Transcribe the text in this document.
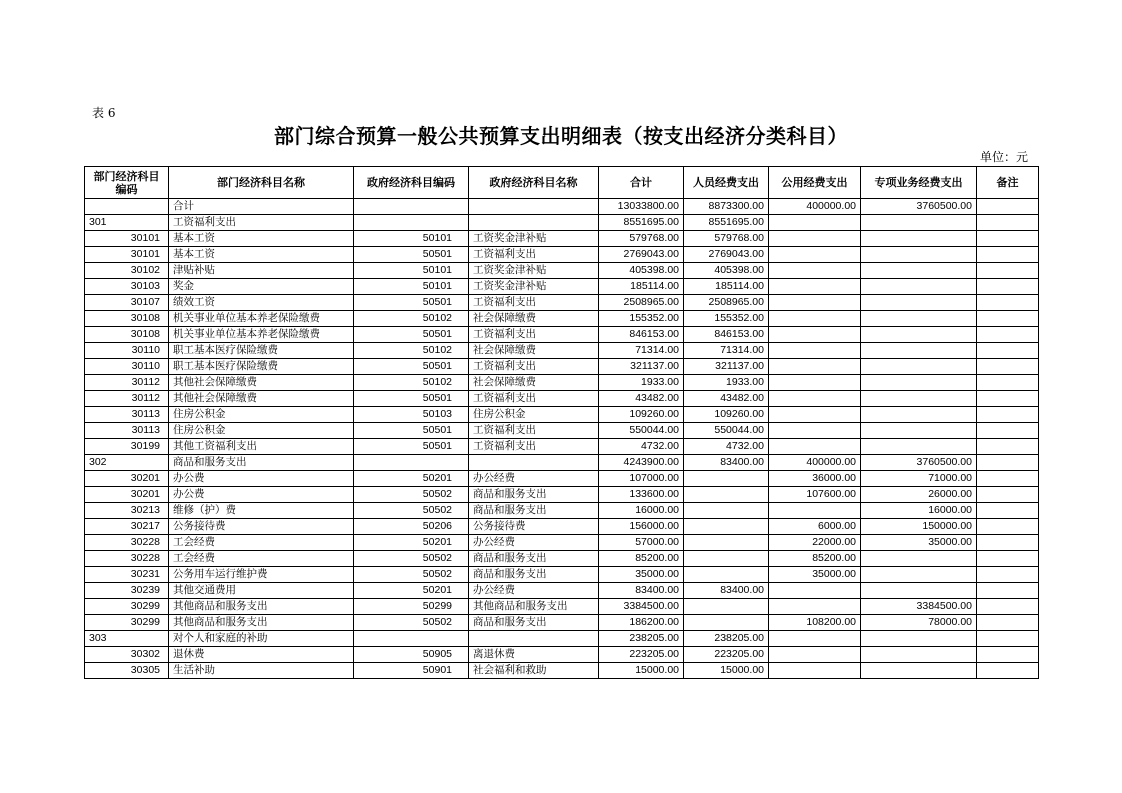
表 6
部门综合预算一般公共预算支出明细表（按支出经济分类科目）
单位：元
部门经济科目编码	部门经济科目名称	政府经济科目编码	政府经济科目名称	合计	人员经费支出	公用经费支出	专项业务经费支出	备注
	合计			13033800.00	8873300.00	400000.00	3760500.00	
301	工资福利支出			8551695.00	8551695.00			
30101	基本工资	50101	工资奖金津补贴	579768.00	579768.00			
30101	基本工资	50501	工资福利支出	2769043.00	2769043.00			
30102	津贴补贴	50101	工资奖金津补贴	405398.00	405398.00			
30103	奖金	50101	工资奖金津补贴	185114.00	185114.00			
30107	绩效工资	50501	工资福利支出	2508965.00	2508965.00			
30108	机关事业单位基本养老保险缴费	50102	社会保障缴费	155352.00	155352.00			
30108	机关事业单位基本养老保险缴费	50501	工资福利支出	846153.00	846153.00			
30110	职工基本医疗保险缴费	50102	社会保障缴费	71314.00	71314.00			
30110	职工基本医疗保险缴费	50501	工资福利支出	321137.00	321137.00			
30112	其他社会保障缴费	50102	社会保障缴费	1933.00	1933.00			
30112	其他社会保障缴费	50501	工资福利支出	43482.00	43482.00			
30113	住房公积金	50103	住房公积金	109260.00	109260.00			
30113	住房公积金	50501	工资福利支出	550044.00	550044.00			
30199	其他工资福利支出	50501	工资福利支出	4732.00	4732.00			
302	商品和服务支出			4243900.00	83400.00	400000.00	3760500.00	
30201	办公费	50201	办公经费	107000.00		36000.00	71000.00	
30201	办公费	50502	商品和服务支出	133600.00		107600.00	26000.00	
30213	维修（护）费	50502	商品和服务支出	16000.00			16000.00	
30217	公务接待费	50206	公务接待费	156000.00		6000.00	150000.00	
30228	工会经费	50201	办公经费	57000.00		22000.00	35000.00	
30228	工会经费	50502	商品和服务支出	85200.00		85200.00		
30231	公务用车运行维护费	50502	商品和服务支出	35000.00		35000.00		
30239	其他交通费用	50201	办公经费	83400.00	83400.00			
30299	其他商品和服务支出	50299	其他商品和服务支出	3384500.00			3384500.00	
30299	其他商品和服务支出	50502	商品和服务支出	186200.00		108200.00	78000.00	
303	对个人和家庭的补助			238205.00	238205.00			
30302	退休费	50905	离退休费	223205.00	223205.00			
30305	生活补助	50901	社会福利和救助	15000.00	15000.00			
